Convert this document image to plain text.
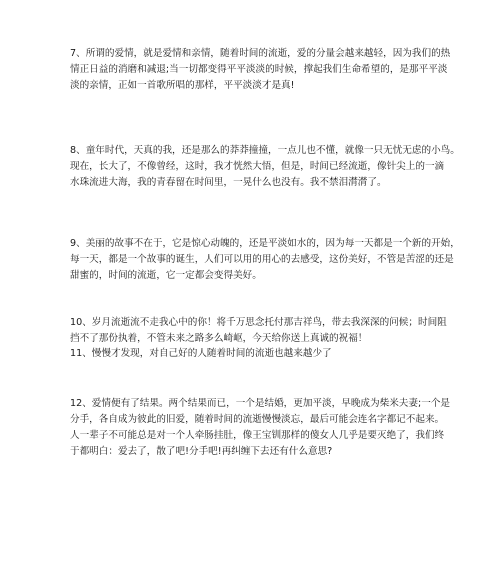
7、所谓的爱情，就是爱情和亲情，随着时间的流逝，爱的分量会越来越轻，因为我们的热
情正日益的消磨和减退;当一切都变得平平淡淡的时候，撑起我们生命希望的，是那平平淡
淡的亲情，正如一首歌所唱的那样，平平淡淡才是真!

8、童年时代，天真的我，还是那么的莽莽撞撞，一点儿也不懂，就像一只无忧无虑的小鸟。
现在，长大了，不像曾经，这时，我才恍然大悟，但是，时间已经流逝，像针尖上的一滴
水珠流进大海，我的青春留在时间里，一晃什么也没有。我不禁泪潸潸了。

9、美丽的故事不在于，它是惊心动魄的，还是平淡如水的，因为每一天都是一个新的开始，
每一天，都是一个故事的诞生，人们可以用的用心的去感受，这份美好，不管是苦涩的还是
甜蜜的，时间的流逝，它一定都会变得美好。

10、岁月流逝流不走我心中的你！将千万思念托付那吉祥鸟，带去我深深的问候；时间阻
挡不了那份执着，不管未来之路多么崎岖，今天给你送上真诚的祝福！

11、慢慢才发现，对自己好的人随着时间的流逝也越来越少了

12、爱情便有了结果。两个结果而已，一个是结婚，更加平淡，早晚成为柴米夫妻;一个是
分手，各自成为彼此的旧爱，随着时间的流逝慢慢淡忘，最后可能会连名字都记不起来。
人一辈子不可能总是对一个人牵肠挂肚，像王宝钏那样的傻女人几乎是要灭绝了，我们终
于都明白：爱去了，散了吧!分手吧!再纠缠下去还有什么意思?
